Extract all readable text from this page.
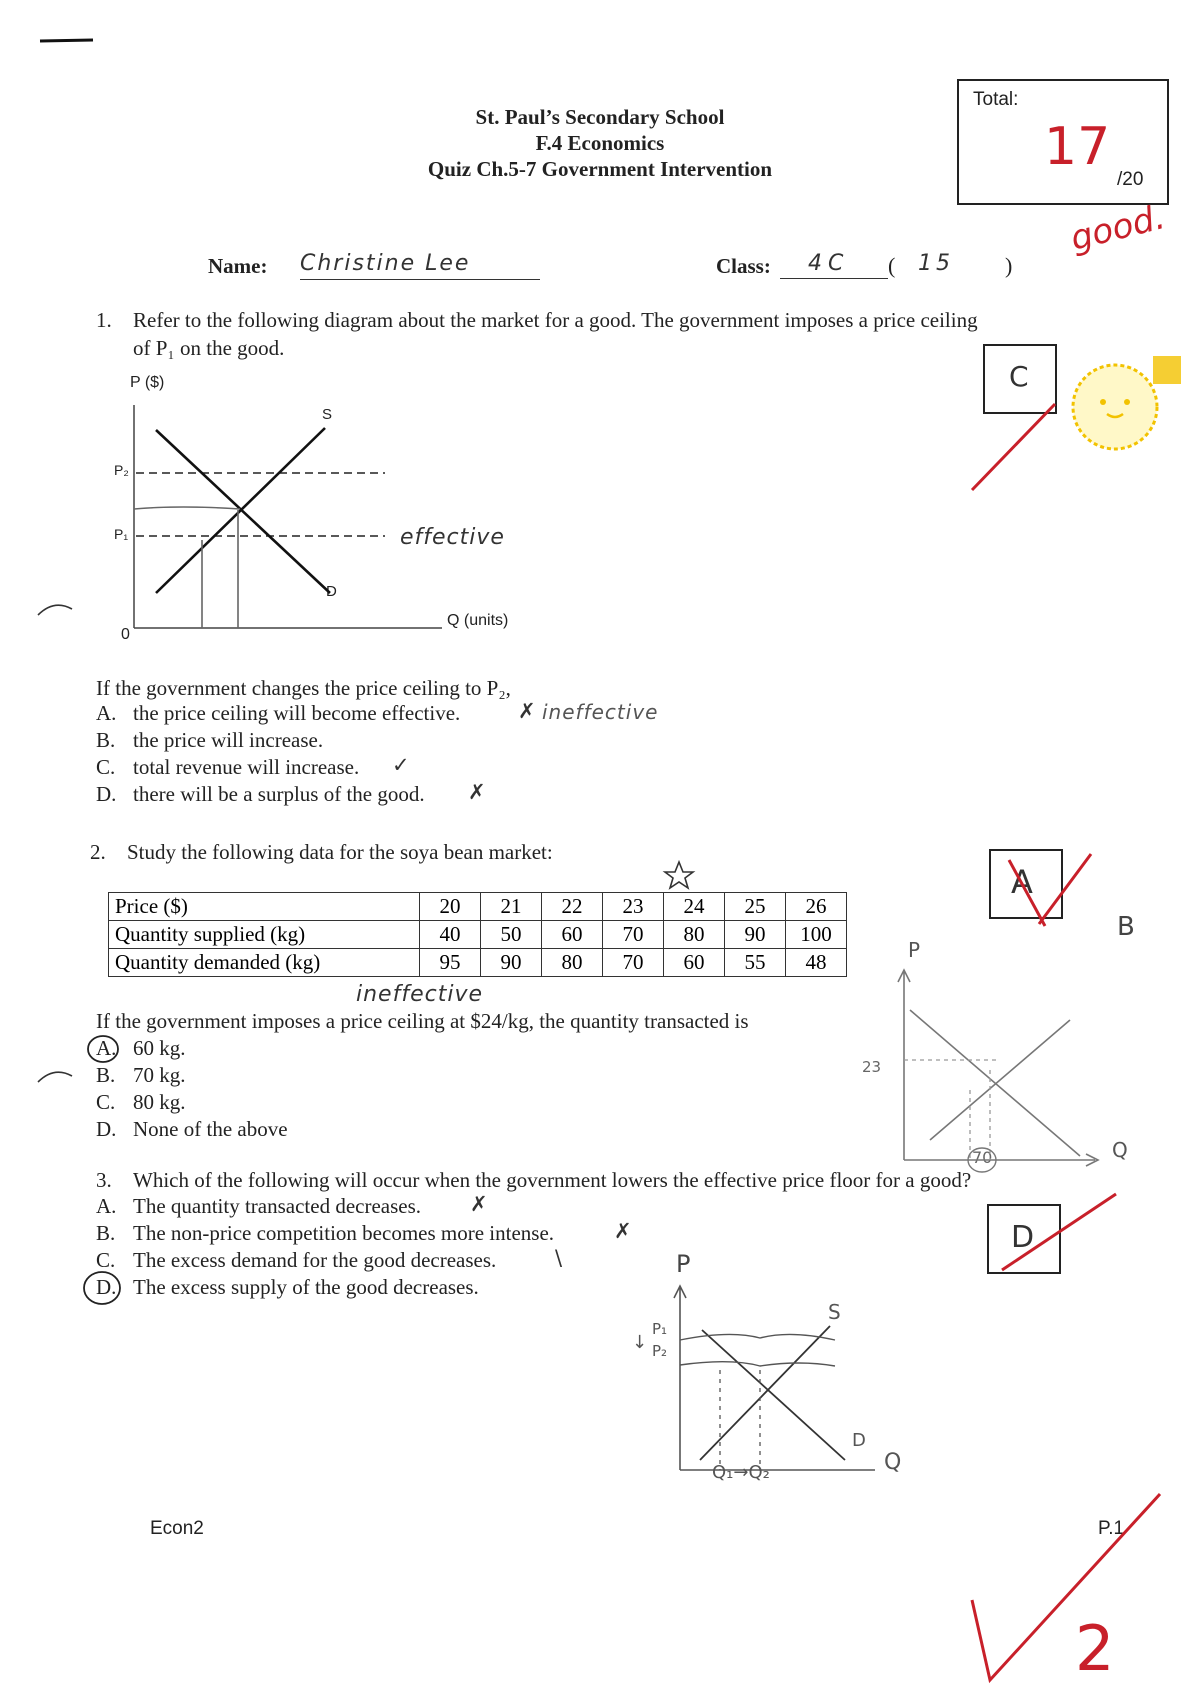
St. Paul’s Secondary School
F.4 Economics
Quiz Ch.5-7 Government Intervention
Total:
17
/20
good.
Name: Christine Lee	Class:	4C	( 15 )
1. Refer to the following diagram about the market for a good. The government imposes a price ceiling
of P₁ on the good.
C
P ($)
P₂
P₁
0
S
D
Q (units)
effective
If the government changes the price ceiling to P₂,
A. the price ceiling will become effective.	✗ ineffective
B. the price will increase.
C. total revenue will increase. ✓
D. there will be a surplus of the good. ✗
2. Study the following data for the soya bean market:
Price ($)	20	21	22	23	24	25	26
Quantity supplied (kg)	40	50	60	70	80	90	100
Quantity demanded (kg)	95	90	80	70	60	55	48
A
B
ineffective
If the government imposes a price ceiling at $24/kg, the quantity transacted is
A. 60 kg.
B. 70 kg.
C. 80 kg.
D. None of the above
P
Q
23
70
3. Which of the following will occur when the government lowers the effective price floor for a good?
A. The quantity transacted decreases. ✗
B. The non-price competition becomes more intense.	✗
C. The excess demand for the good decreases.	\
D. The excess supply of the good decreases.
D
P
P₁
P₂
↓
S
D
Q
Q₁→Q₂
Econ2	P.1
2
